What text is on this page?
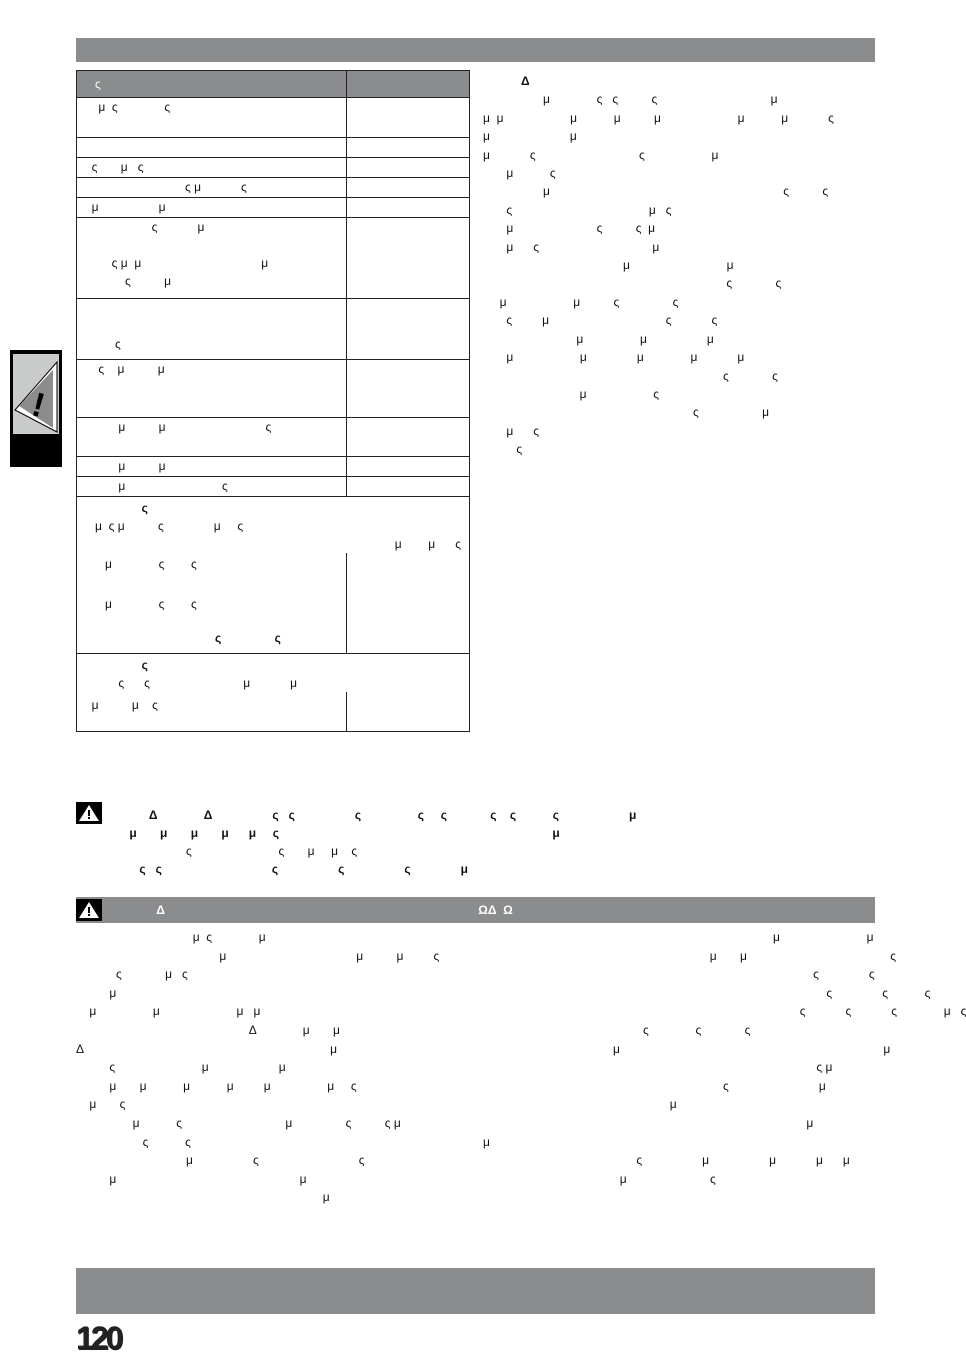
!
ς	
μ  ς              ς	

ς       μ   ς	
ς μ            ς	
μ                  μ	
ς            μ

ς μ  μ                                    μ
ς          μ	

ς	
ς    μ          μ	
μ          μ                              ς	
μ          μ	
μ                             ς	

ς
μ  ς μ          ς               μ     ς
μ        μ      ς	

μ              ς        ς
μ              ς        ς
ς                ς	

ς
ς      ς                            μ            μ	

μ          μ    ς	

Δ
μ              ς   ς          ς                                  μ
μ  μ                    μ           μ          μ                       μ           μ            ς
μ                        μ
μ            ς                               ς                    μ
μ           ς
μ                                                                      ς          ς
ς                                         μ   ς
μ                         ς          ς  μ
μ      ς                                  μ
μ                             μ
ς             ς
μ                    μ          ς                ς
ς         μ                                   ς            ς
μ                 μ                  μ
μ                    μ               μ              μ            μ
ς             ς
μ                    ς
ς                   μ
μ      ς
ς
Δ              Δ                  ς   ς                  ς                 ς     ς             ς    ς           ς                     μ
μ       μ       μ       μ      μ     ς                                                                                  μ
ς                          ς       μ     μ    ς
ς   ς                                 ς                  ς                  ς               μ
Δ                                                                                              ΩΔ  Ω
μ  ς              μ
μ                                       μ          μ         ς
ς             μ   ς
μ
μ                 μ                       μ   μ
Δ              μ       μ
Δ                                                                          μ
ς                          μ                     μ
μ       μ           μ           μ         μ                 μ     ς
μ       ς
μ           ς                               μ                ς          ς μ
ς           ς
μ                  ς                              ς
μ                                                       μ
μ
μ                          μ
μ       μ                                           ς
ς               ς
ς               ς           ς
ς            ς            ς              μ   ς
ς              ς             ς
μ                                                                               μ
ς μ
ς                           μ
μ
μ
μ
ς                  μ                  μ            μ      μ
μ                         ς
120
